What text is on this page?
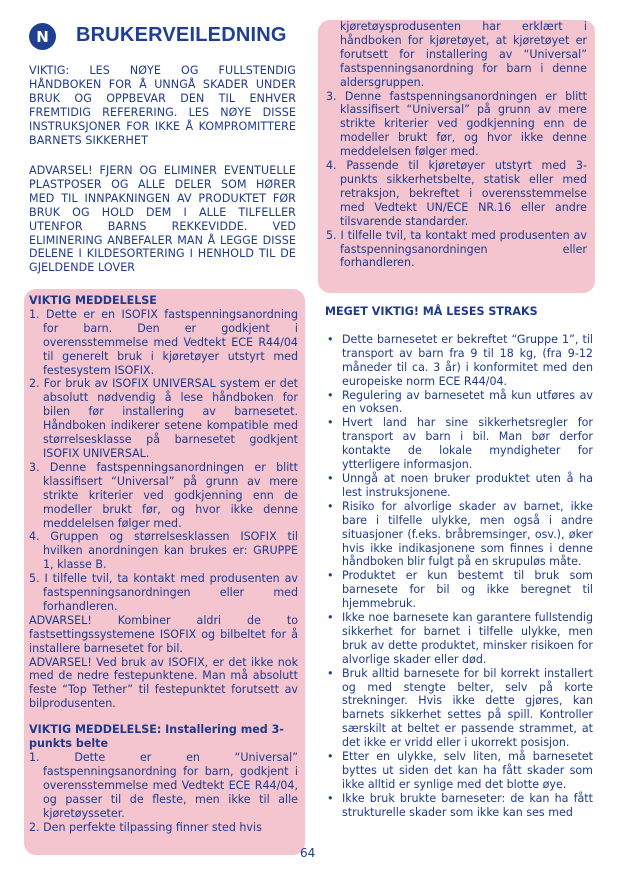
N	BRUKERVEILEDNING
VIKTIG: LES NØYE OG FULLSTENDIG HÅNDBOKEN FOR Å UNNGÅ SKADER UNDER BRUK OG OPPBEVAR DEN TIL ENHVER FREMTIDIG REFERERING. LES NØYE DISSE INSTRUKSJONER FOR IKKE Å KOMPROMITTERE BARNETS SIKKERHET
ADVARSEL! FJERN OG ELIMINER EVENTUELLE PLASTPOSER OG ALLE DELER SOM HØRER MED TIL INNPAKNINGEN AV PRODUKTET FØR BRUK OG HOLD DEM I ALLE TILFELLER UTENFOR BARNS REKKEVIDDE. VED ELIMINERING ANBEFALER MAN Å LEGGE DISSE DELENE I KILDESORTERING I HENHOLD TIL DE GJELDENDE LOVER
VIKTIG MEDDELELSE
1. Dette er en ISOFIX fastspenningsanordning for barn. Den er godkjent i overensstemmelse med Vedtekt ECE R44/04 til generelt bruk i kjøretøyer utstyrt med festesystem ISOFIX.
2. For bruk av ISOFIX UNIVERSAL system er det absolutt nødvendig å lese håndboken for bilen før installering av barnesetet. Håndboken indikerer setene kompatible med størrelsesklasse på barnesetet godkjent ISOFIX UNIVERSAL.
3. Denne fastspenningsanordningen er blitt klassifisert “Universal” på grunn av mere strikte kriterier ved godkjenning enn de modeller brukt før, og hvor ikke denne meddelelsen følger med.
4. Gruppen og størrelsesklassen ISOFIX til hvilken anordningen kan brukes er: GRUPPE 1, klasse B.
5. I tilfelle tvil, ta kontakt med produsenten av fastspenningsanordningen eller med forhandleren.

ADVARSEL! Kombiner aldri de to fastsettingssystemene ISOFIX og bilbeltet for å installere barnesetet for bil.

ADVARSEL! Ved bruk av ISOFIX, er det ikke nok med de nedre festepunktene. Man må absolutt feste “Top Tether” til festepunktet forutsett av bilprodusenten.

VIKTIG MEDDELELSE: Installering med 3-punkts belte
1. Dette er en “Universal” fastspenningsanordning for barn, godkjent i overensstemmelse med Vedtekt ECE R44/04, og passer til de fleste, men ikke til alle kjøretøysseter.
2. Den perfekte tilpassing finner sted hvis
kjøretøysprodusenten har erklært i håndboken for kjøretøyet, at kjøretøyet er forutsett for installering av “Universal” fastspenningsanordning for barn i denne aldersgruppen.
3. Denne fastspenningsanordningen er blitt klassifisert “Universal” på grunn av mere strikte kriterier ved godkjenning enn de modeller brukt før, og hvor ikke denne meddelelsen følger med.
4. Passende til kjøretøyer utstyrt med 3-punkts sikkerhetsbelte, statisk eller med retraksjon, bekreftet i overensstemmelse med Vedtekt UN/ECE NR.16 eller andre tilsvarende standarder.
5. I tilfelle tvil, ta kontakt med produsenten av fastspenningsanordningen eller forhandleren.
MEGET VIKTIG! MÅ LESES STRAKS
• Dette barnesetet er bekreftet “Gruppe 1”, til transport av barn fra 9 til 18 kg, (fra 9-12 måneder til ca. 3 år) i konformitet med den europeiske norm ECE R44/04.
• Regulering av barnesetet må kun utføres av en voksen.
• Hvert land har sine sikkerhetsregler for transport av barn i bil. Man bør derfor kontakte de lokale myndigheter for ytterligere informasjon.
• Unngå at noen bruker produktet uten å ha lest instruksjonene.
• Risiko for alvorlige skader av barnet, ikke bare i tilfelle ulykke, men også i andre situasjoner (f.eks. bråbremsinger, osv.), øker hvis ikke indikasjonene som finnes i denne håndboken blir fulgt på en skrupuløs måte.
• Produktet er kun bestemt til bruk som barnesete for bil og ikke beregnet til hjemmebruk.
• Ikke noe barnesete kan garantere fullstendig sikkerhet for barnet i tilfelle ulykke, men bruk av dette produktet, minsker risikoen for alvorlige skader eller død.
• Bruk alltid barnesete for bil korrekt installert og med stengte belter, selv på korte strekninger. Hvis ikke dette gjøres, kan barnets sikkerhet settes på spill. Kontroller særskilt at beltet er passende strammet, at det ikke er vridd eller i ukorrekt posisjon.
• Etter en ulykke, selv liten, må barnesetet byttes ut siden det kan ha fått skader som ikke alltid er synlige med det blotte øye.
• Ikke bruk brukte barneseter: de kan ha fått strukturelle skader som ikke kan ses med
64
